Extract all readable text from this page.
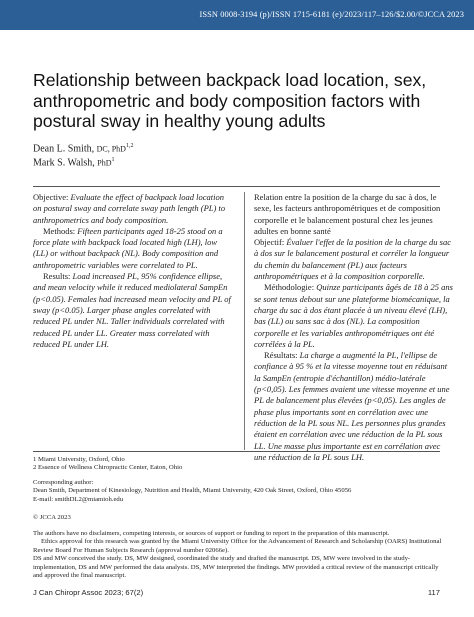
ISSN 0008-3194 (p)/ISSN 1715-6181 (e)/2023/117–126/$2.00/©JCCA 2023
Relationship between backpack load location, sex, anthropometric and body composition factors with postural sway in healthy young adults
Dean L. Smith, DC, PhD$^{1,2}$
Mark S. Walsh, PhD$^1$

Objective: Evaluate the effect of backpack load location on postural sway and correlate sway path length (PL) to anthropometrics and body composition.

Methods: Fifteen participants aged 18-25 stood on a force plate with backpack load located high (LH), low (LL) or without backpack (NL). Body composition and anthropometric variables were correlated to PL.

Results: Load increased PL, 95% confidence ellipse, and mean velocity while it reduced mediolateral SampEn (p<0.05). Females had increased mean velocity and PL of sway (p<0.05). Larger phase angles correlated with reduced PL under NL. Taller individuals correlated with reduced PL under LL. Greater mass correlated with reduced PL under LH.

Relation entre la position de la charge du sac à dos, le sexe, les facteurs anthropométriques et de composition corporelle et le balancement postural chez les jeunes adultes en bonne santé

Objectif: Évaluer l'effet de la position de la charge du sac à dos sur le balancement postural et corréler la longueur du chemin du balancement (PL) aux facteurs anthropométriques et à la composition corporelle.

Méthodologie: Quinze participants âgés de 18 à 25 ans se sont tenus debout sur une plateforme biomécanique, la charge du sac à dos étant placée à un niveau élevé (LH), bas (LL) ou sans sac à dos (NL). La composition corporelle et les variables anthropométriques ont été corrélées à la PL.

Résultats: La charge a augmenté la PL, l'ellipse de confiance à 95 % et la vitesse moyenne tout en réduisant la SampEn (entropie d'échantillon) médio-latérale (p<0,05). Les femmes avaient une vitesse moyenne et une PL de balancement plus élevées (p<0,05). Les angles de phase plus importants sont en corrélation avec une réduction de la PL sous NL. Les personnes plus grandes étaient en corrélation avec une réduction de la PL sous LL. Une masse plus importante est en corrélation avec une réduction de la PL sous LH.

1 Miami University, Oxford, Ohio
2 Essence of Wellness Chiropractic Center, Eaton, Ohio
Corresponding author:
Dean Smith, Department of Kinesiology, Nutrition and Health, Miami University, 420 Oak Street, Oxford, Ohio 45056
E-mail: smithDL2@miamioh.edu
© JCCA 2023

The authors have no disclaimers, competing interests, or sources of support or funding to report in the preparation of this manuscript.

Ethics approval for this research was granted by the Miami University Office for the Advancement of Research and Scholarship (OARS) Institutional Review Board For Human Subjects Research (approval number 02066e).

DS and MW conceived the study. DS, MW designed, coordinated the study and drafted the manuscript. DS, MW were involved in the study-implementation, DS and MW performed the data analysis. DS, MW interpreted the findings. MW provided a critical review of the manuscript critically and approved the final manuscript.

J Can Chiropr Assoc 2023; 67(2)	117
